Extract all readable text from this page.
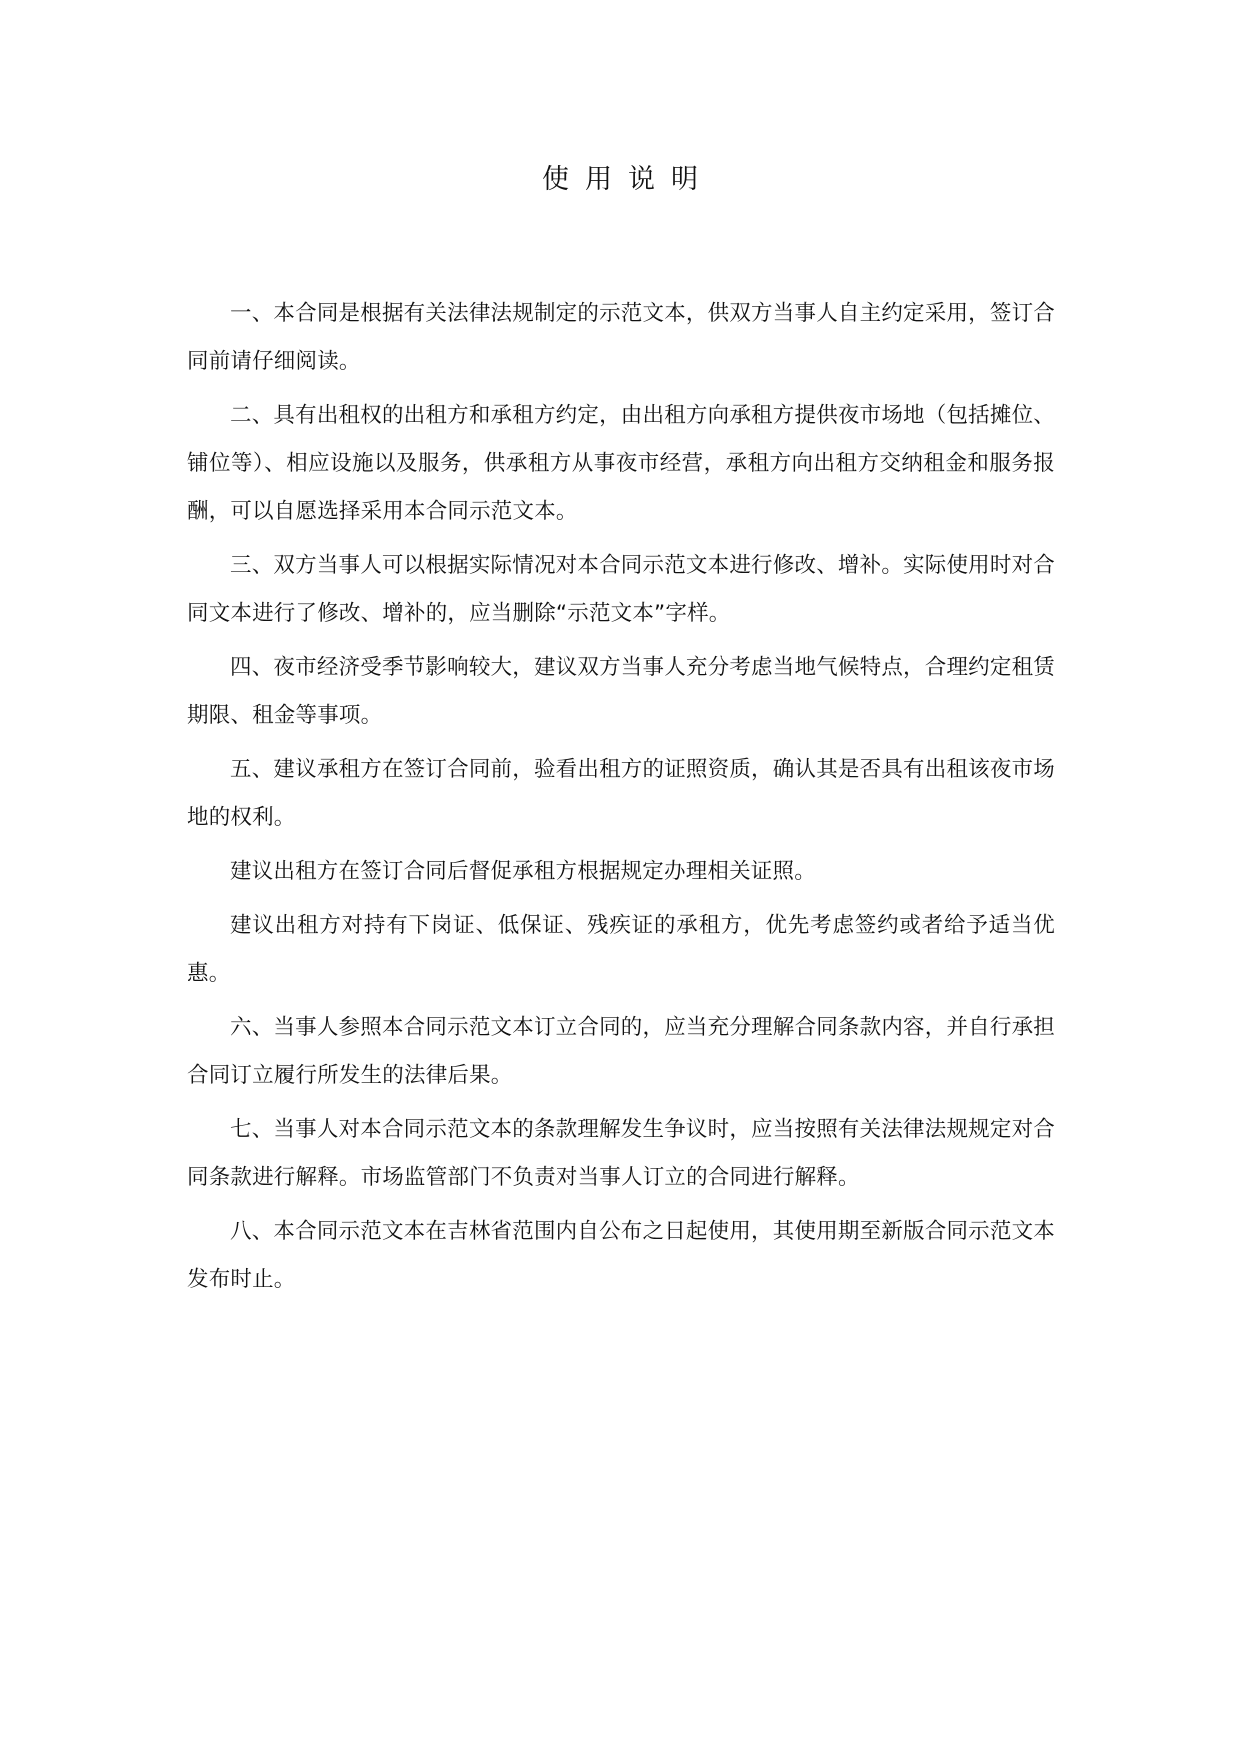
使用说明

一、本合同是根据有关法律法规制定的示范文本，供双方当事人自主约定采用，签订合同前请仔细阅读。

二、具有出租权的出租方和承租方约定，由出租方向承租方提供夜市场地（包括摊位、铺位等）、相应设施以及服务，供承租方从事夜市经营，承租方向出租方交纳租金和服务报酬，可以自愿选择采用本合同示范文本。

三、双方当事人可以根据实际情况对本合同示范文本进行修改、增补。实际使用时对合同文本进行了修改、增补的，应当删除“示范文本”字样。

四、夜市经济受季节影响较大，建议双方当事人充分考虑当地气候特点，合理约定租赁期限、租金等事项。

五、建议承租方在签订合同前，验看出租方的证照资质，确认其是否具有出租该夜市场地的权利。

建议出租方在签订合同后督促承租方根据规定办理相关证照。

建议出租方对持有下岗证、低保证、残疾证的承租方，优先考虑签约或者给予适当优惠。

六、当事人参照本合同示范文本订立合同的，应当充分理解合同条款内容，并自行承担合同订立履行所发生的法律后果。

七、当事人对本合同示范文本的条款理解发生争议时，应当按照有关法律法规规定对合同条款进行解释。市场监管部门不负责对当事人订立的合同进行解释。

八、本合同示范文本在吉林省范围内自公布之日起使用，其使用期至新版合同示范文本发布时止。
